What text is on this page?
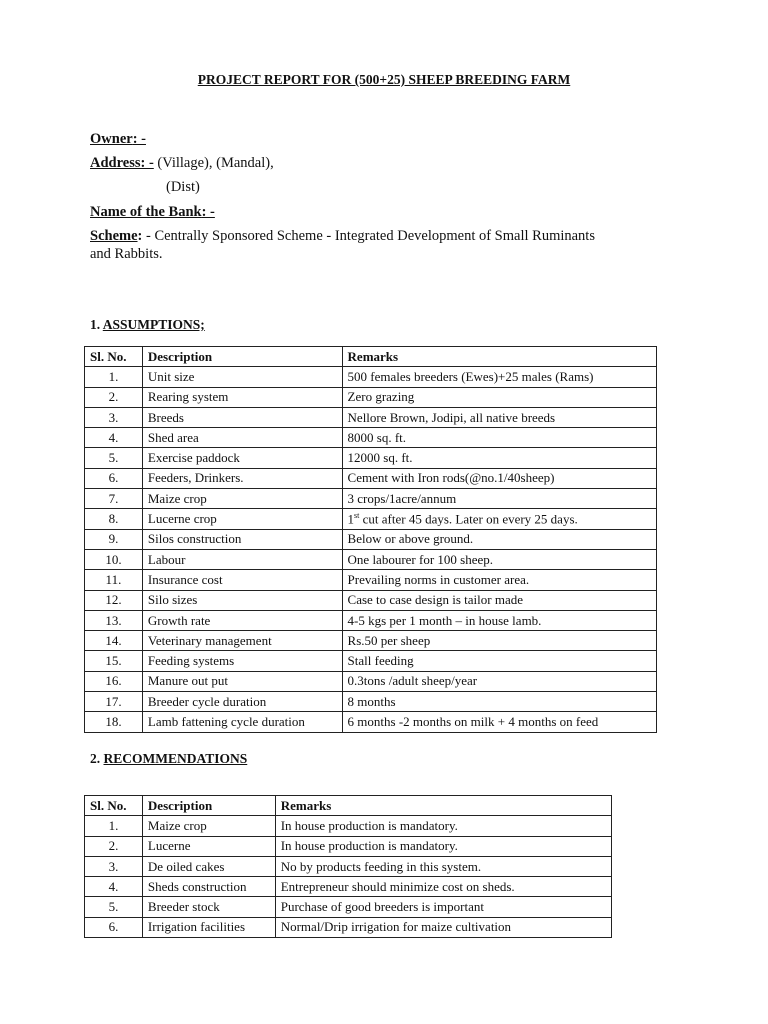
PROJECT REPORT FOR (500+25) SHEEP BREEDING FARM
Owner: -
Address: - (Village), (Mandal),
(Dist)
Name of the Bank: -
Scheme: - Centrally Sponsored Scheme - Integrated Development of Small Ruminants and Rabbits.
1. ASSUMPTIONS;
Sl. No.	Description	Remarks
1.	Unit size	500 females breeders (Ewes)+25 males (Rams)
2.	Rearing system	Zero grazing
3.	Breeds	Nellore Brown, Jodipi, all native breeds
4.	Shed area	8000 sq. ft.
5.	Exercise paddock	12000 sq. ft.
6.	Feeders, Drinkers.	Cement with Iron rods(@no.1/40sheep)
7.	Maize crop	3 crops/1acre/annum
8.	Lucerne crop	1st cut after 45 days. Later on every 25 days.
9.	Silos construction	Below or above ground.
10.	Labour	One labourer for 100 sheep.
11.	Insurance cost	Prevailing norms in customer area.
12.	Silo sizes	Case to case design is tailor made
13.	Growth rate	4-5 kgs per 1 month – in house lamb.
14.	Veterinary management	Rs.50 per sheep
15.	Feeding systems	Stall feeding
16.	Manure out put	0.3tons /adult sheep/year
17.	Breeder cycle duration	8 months
18.	Lamb fattening cycle duration	6 months -2 months on milk + 4 months on feed
2. RECOMMENDATIONS
Sl. No.	Description	Remarks
1.	Maize crop	In house production is mandatory.
2.	Lucerne	In house production is mandatory.
3.	De oiled cakes	No by products feeding in this system.
4.	Sheds construction	Entrepreneur should minimize cost on sheds.
5.	Breeder stock	Purchase of good breeders is important
6.	Irrigation facilities	Normal/Drip irrigation for maize cultivation
